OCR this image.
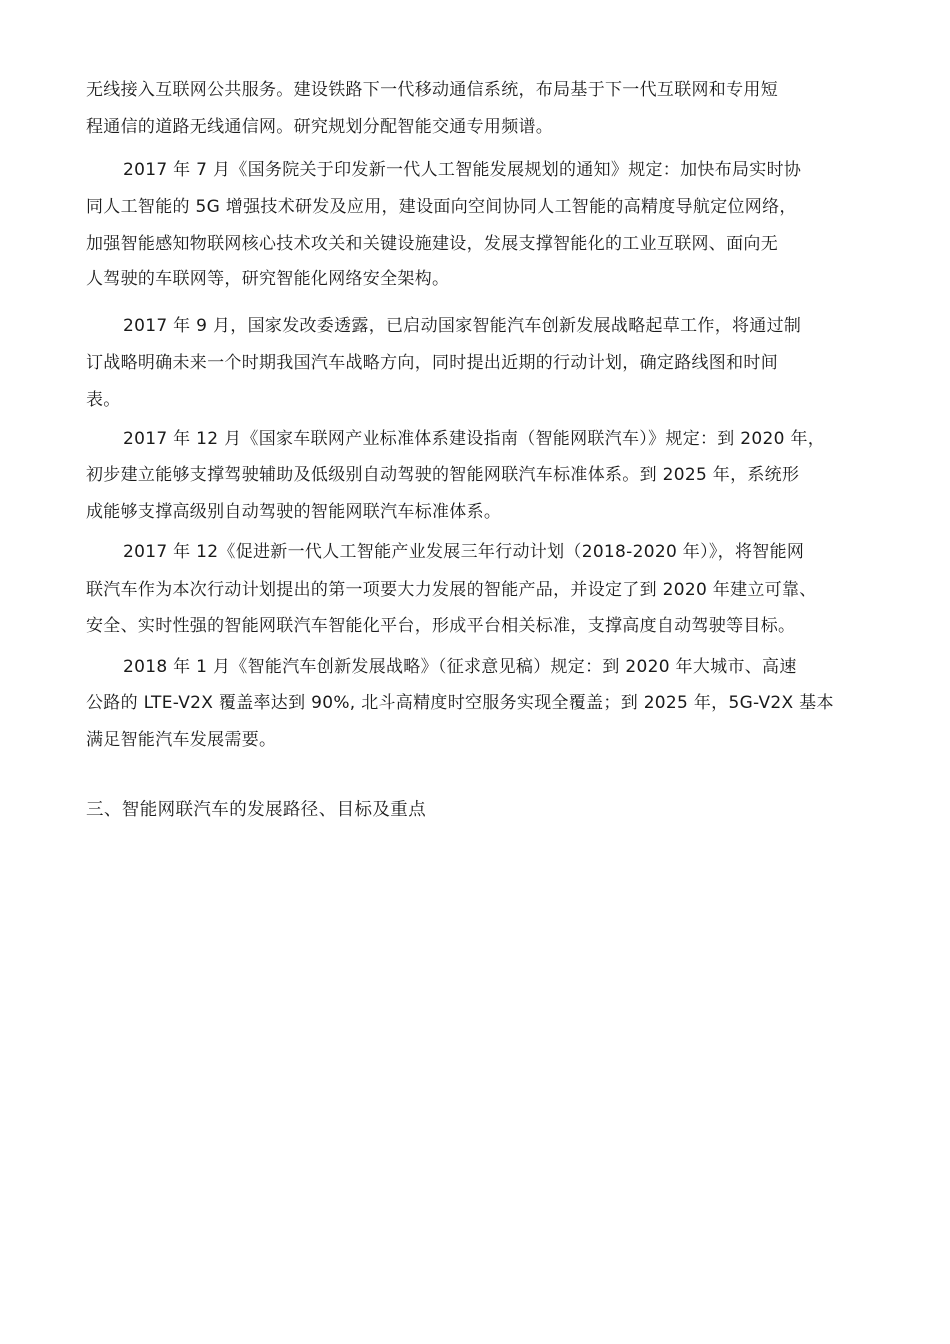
无线接入互联网公共服务。建设铁路下一代移动通信系统，布局基于下一代互联网和专用短
程通信的道路无线通信网。研究规划分配智能交通专用频谱。
2017 年 7 月《国务院关于印发新一代人工智能发展规划的通知》规定：加快布局实时协
同人工智能的 5G 增强技术研发及应用，建设面向空间协同人工智能的高精度导航定位网络，
加强智能感知物联网核心技术攻关和关键设施建设，发展支撑智能化的工业互联网、面向无
人驾驶的车联网等，研究智能化网络安全架构。
2017 年 9 月，国家发改委透露，已启动国家智能汽车创新发展战略起草工作，将通过制
订战略明确未来一个时期我国汽车战略方向，同时提出近期的行动计划，确定路线图和时间
表。
2017 年 12 月《国家车联网产业标准体系建设指南（智能网联汽车）》规定：到 2020 年，
初步建立能够支撑驾驶辅助及低级别自动驾驶的智能网联汽车标准体系。到 2025 年，系统形
成能够支撑高级别自动驾驶的智能网联汽车标准体系。
2017 年 12《促进新一代人工智能产业发展三年行动计划（2018-2020 年）》，将智能网
联汽车作为本次行动计划提出的第一项要大力发展的智能产品，并设定了到 2020 年建立可靠、
安全、实时性强的智能网联汽车智能化平台，形成平台相关标准，支撑高度自动驾驶等目标。
2018 年 1 月《智能汽车创新发展战略》（征求意见稿）规定：到 2020 年大城市、高速
公路的 LTE-V2X 覆盖率达到 90%, 北斗高精度时空服务实现全覆盖；到 2025 年，5G-V2X 基本
满足智能汽车发展需要。
三、智能网联汽车的发展路径、目标及重点
